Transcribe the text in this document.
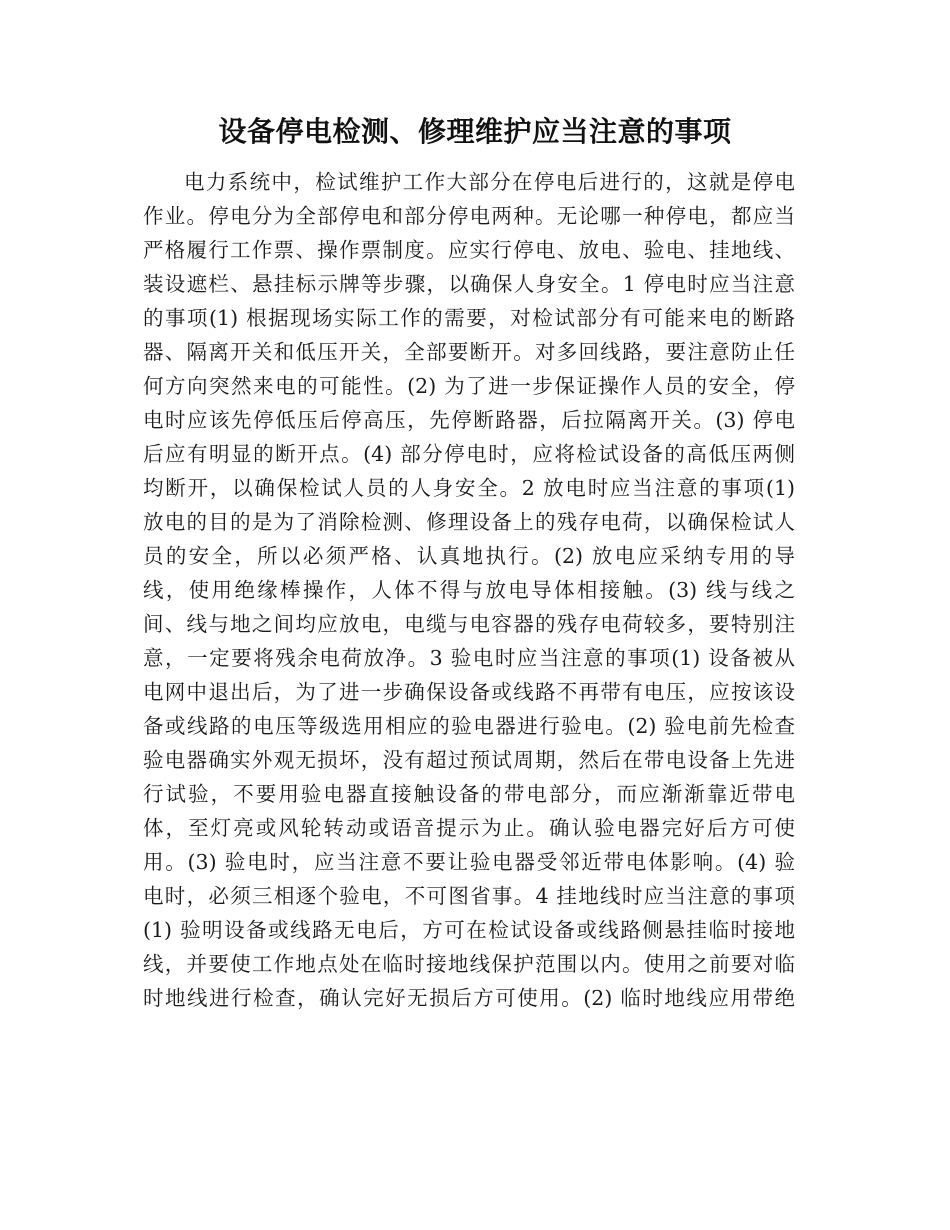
设备停电检测、修理维护应当注意的事项
电力系统中，检试维护工作大部分在停电后进行的，这就是停电
作业。停电分为全部停电和部分停电两种。无论哪一种停电，都应当
严格履行工作票、操作票制度。应实行停电、放电、验电、挂地线、
装设遮栏、悬挂标示牌等步骤，以确保人身安全。1 停电时应当注意
的事项(1) 根据现场实际工作的需要，对检试部分有可能来电的断路
器、隔离开关和低压开关，全部要断开。对多回线路，要注意防止任
何方向突然来电的可能性。(2) 为了进一步保证操作人员的安全，停
电时应该先停低压后停高压，先停断路器，后拉隔离开关。(3) 停电
后应有明显的断开点。(4) 部分停电时，应将检试设备的高低压两侧
均断开，以确保检试人员的人身安全。2 放电时应当注意的事项(1)
放电的目的是为了消除检测、修理设备上的残存电荷，以确保检试人
员的安全，所以必须严格、认真地执行。(2) 放电应采纳专用的导
线，使用绝缘棒操作，人体不得与放电导体相接触。(3) 线与线之
间、线与地之间均应放电，电缆与电容器的残存电荷较多，要特别注
意，一定要将残余电荷放净。3 验电时应当注意的事项(1) 设备被从
电网中退出后，为了进一步确保设备或线路不再带有电压，应按该设
备或线路的电压等级选用相应的验电器进行验电。(2) 验电前先检查
验电器确实外观无损坏，没有超过预试周期，然后在带电设备上先进
行试验，不要用验电器直接触设备的带电部分，而应渐渐靠近带电
体，至灯亮或风轮转动或语音提示为止。确认验电器完好后方可使
用。(3) 验电时，应当注意不要让验电器受邻近带电体影响。(4) 验
电时，必须三相逐个验电，不可图省事。4 挂地线时应当注意的事项
(1) 验明设备或线路无电后，方可在检试设备或线路侧悬挂临时接地
线，并要使工作地点处在临时接地线保护范围以内。使用之前要对临
时地线进行检查，确认完好无损后方可使用。(2) 临时地线应用带绝
